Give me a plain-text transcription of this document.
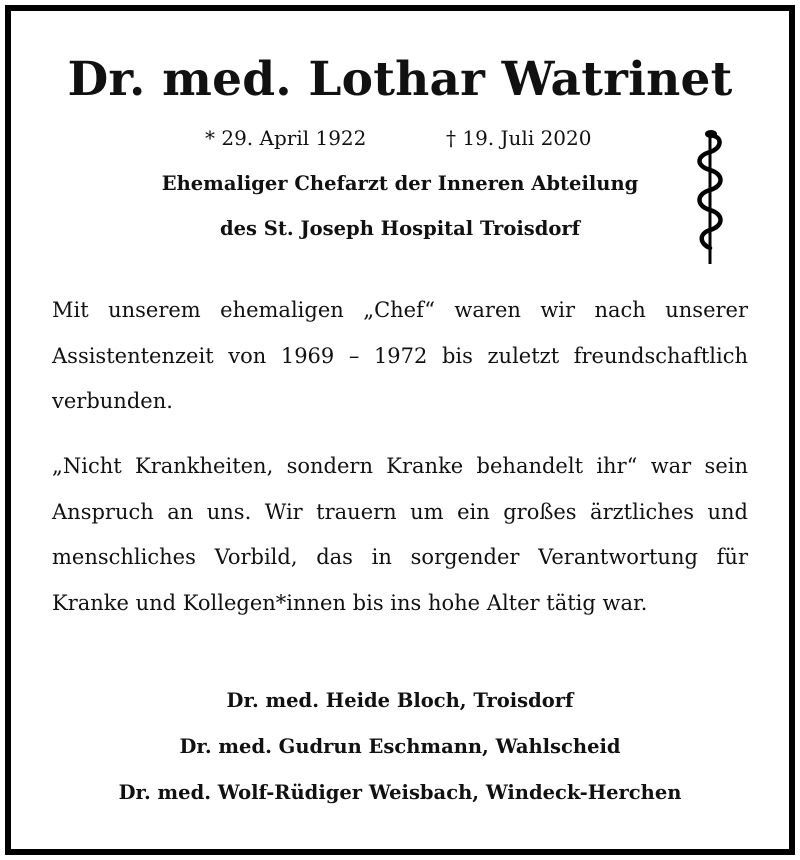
Dr. med. Lothar Watrinet
* 29. April 1922	† 19. Juli 2020
Ehemaliger Chefarzt der Inneren Abteilung
des St. Joseph Hospital Troisdorf
Mit unserem ehemaligen „Chef“ waren wir nach unserer Assistentenzeit von 1969 – 1972 bis zuletzt freundschaftlich verbunden.
„Nicht Krankheiten, sondern Kranke behandelt ihr“ war sein Anspruch an uns. Wir trauern um ein großes ärztliches und menschliches Vorbild, das in sorgender Verantwortung für Kranke und Kollegen*innen bis ins hohe Alter tätig war.
Dr. med. Heide Bloch, Troisdorf
Dr. med. Gudrun Eschmann, Wahlscheid
Dr. med. Wolf-Rüdiger Weisbach, Windeck-Herchen
